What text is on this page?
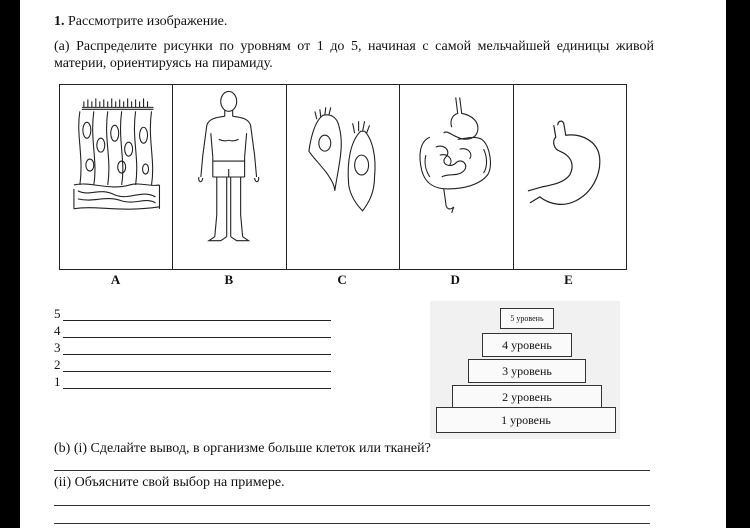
1. Рассмотрите изображение.
(a) Распределите рисунки по уровням от 1 до 5, начиная с самой мельчайшей единицы живой материи, ориентируясь на пирамиду.
A	B	C	D	E
5
4
3
2
1
5 уровень
4 уровень
3 уровень
2 уровень
1 уровень
(b) (i) Сделайте вывод, в организме больше клеток или тканей?
(ii) Объясните свой выбор на примере.
